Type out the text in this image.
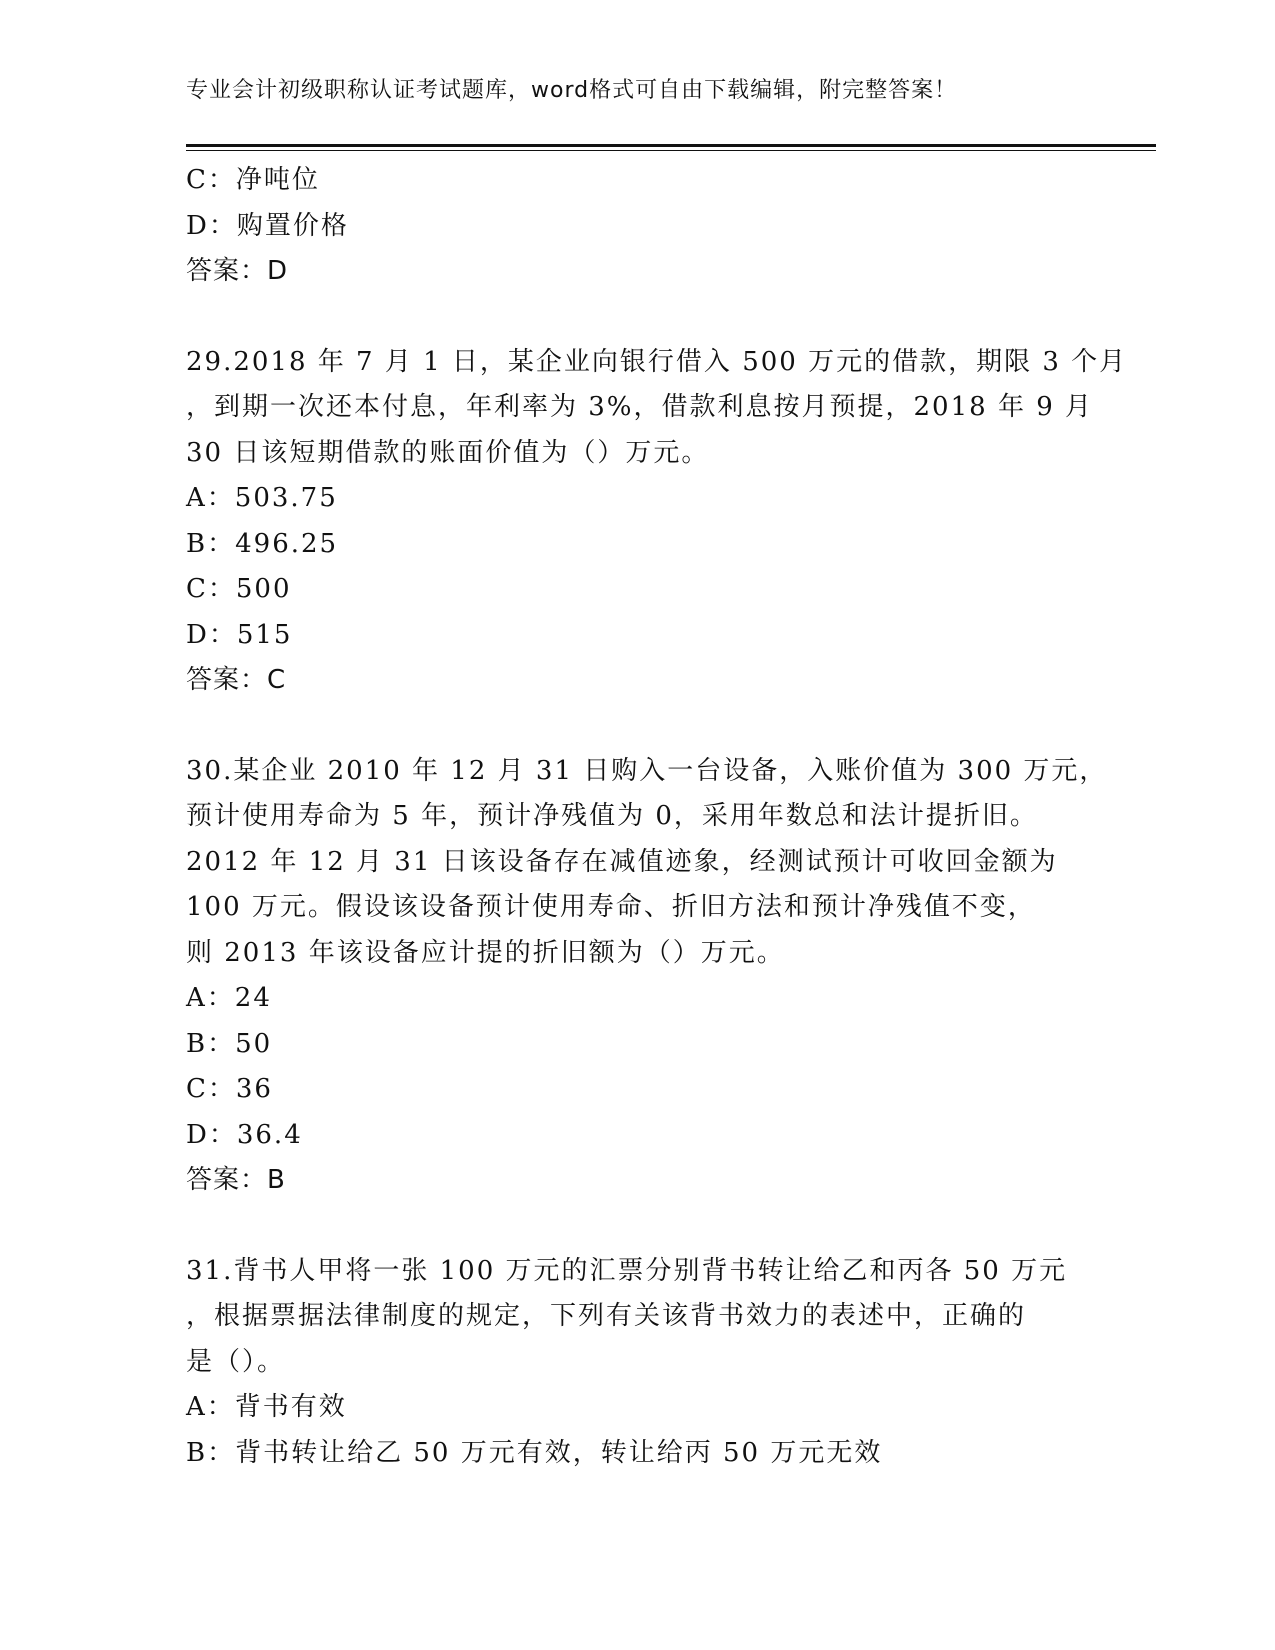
专业会计初级职称认证考试题库，word格式可自由下载编辑，附完整答案！
C：净吨位
D：购置价格
答案：D
29.2018 年 7 月 1 日，某企业向银行借入 500 万元的借款，期限 3 个月
，到期一次还本付息，年利率为 3%，借款利息按月预提，2018 年 9 月
30 日该短期借款的账面价值为（）万元。
A：503.75
B：496.25
C：500
D：515
答案：C
30.某企业 2010 年 12 月 31 日购入一台设备，入账价值为 300 万元，
预计使用寿命为 5 年，预计净残值为 0，采用年数总和法计提折旧。
2012 年 12 月 31 日该设备存在减值迹象，经测试预计可收回金额为
100 万元。假设该设备预计使用寿命、折旧方法和预计净残值不变，
则 2013 年该设备应计提的折旧额为（）万元。
A：24
B：50
C：36
D：36.4
答案：B
31.背书人甲将一张 100 万元的汇票分别背书转让给乙和丙各 50 万元
，根据票据法律制度的规定，下列有关该背书效力的表述中，正确的
是（）。
A：背书有效
B：背书转让给乙 50 万元有效，转让给丙 50 万元无效
